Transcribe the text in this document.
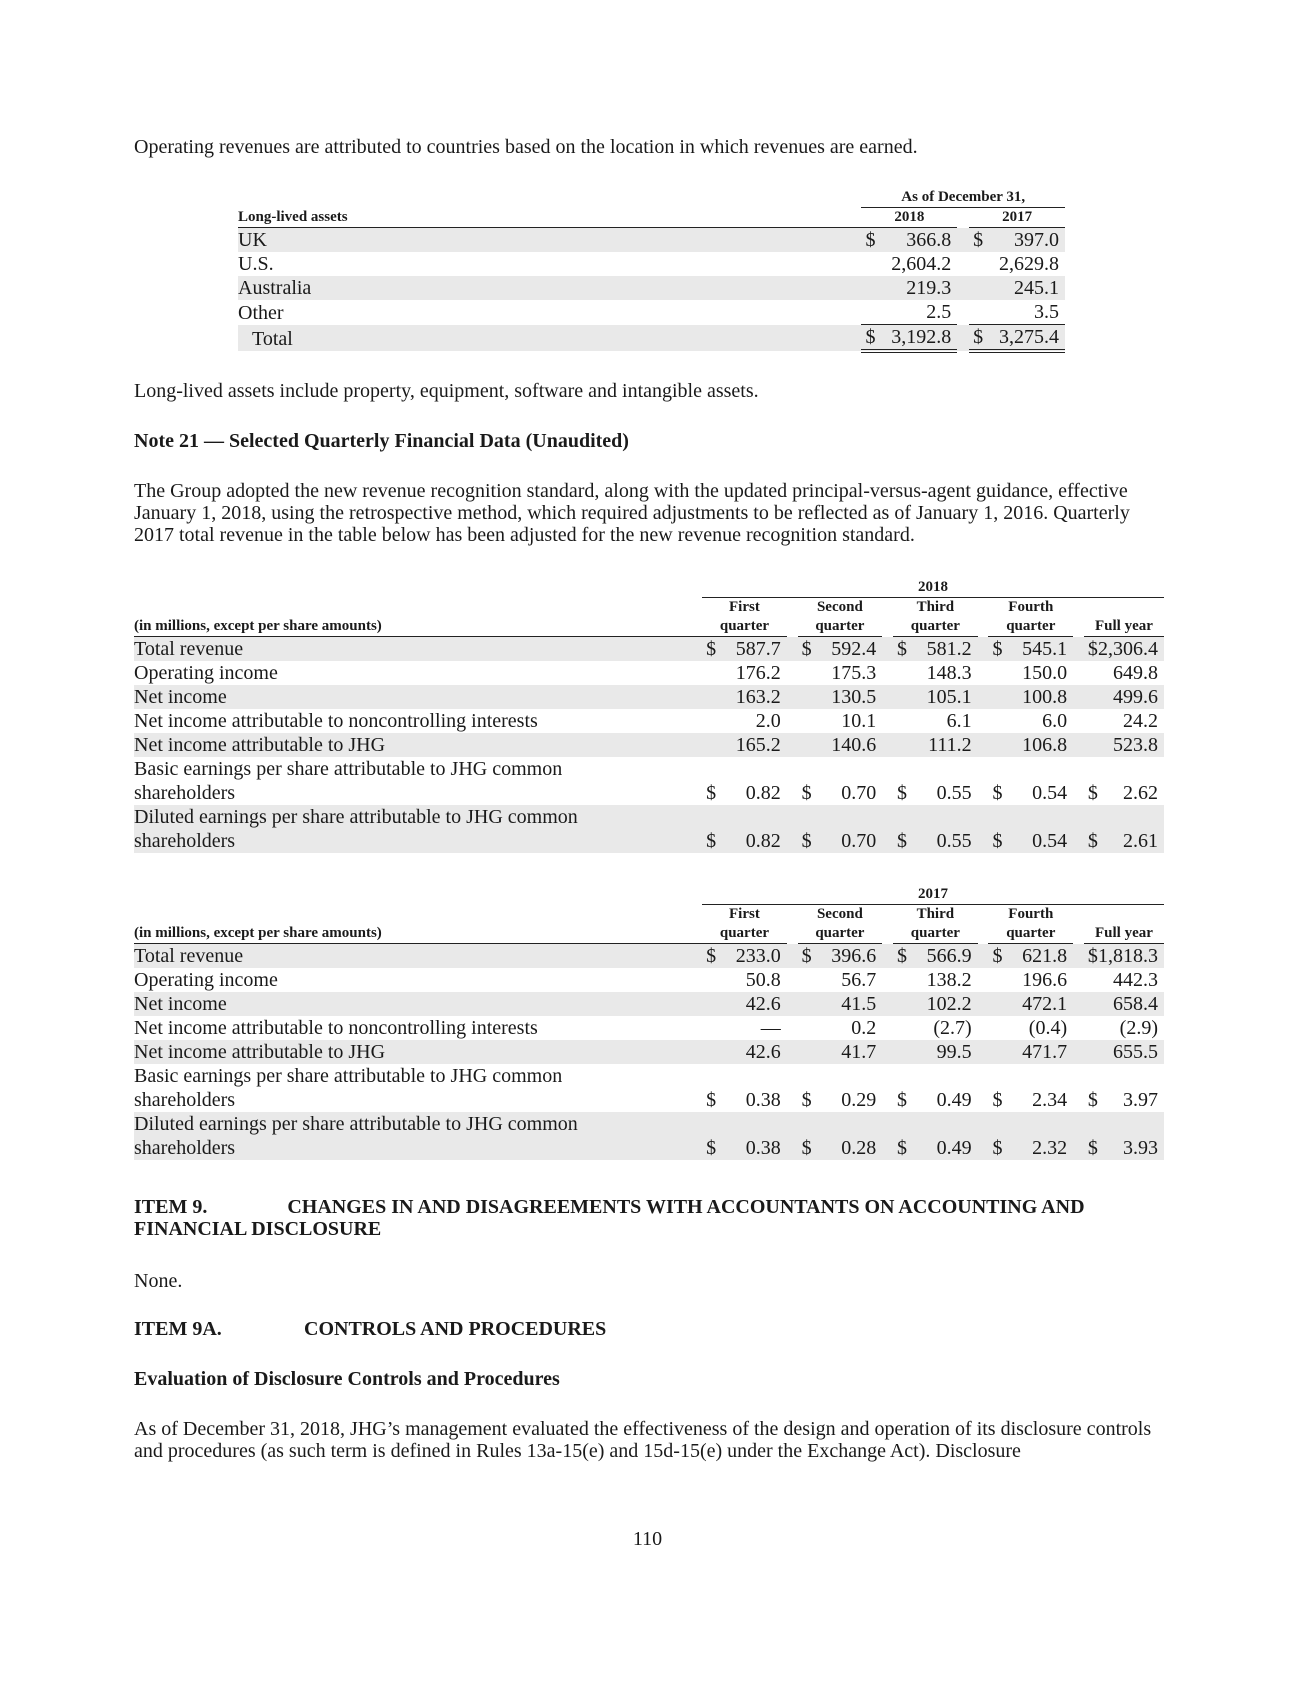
Operating revenues are attributed to countries based on the location in which revenues are earned.

		As of December 31,		
Long-lived assets		2018		2017
UK		$ 366.8		$ 397.0

U.S.		2,604.2		2,629.8

Australia		219.3		245.1

Other		2.5		3.5

Total		$ 3,192.8		$ 3,275.4

Long-lived assets include property, equipment, software and intangible assets.

Note 21 — Selected Quarterly Financial Data (Unaudited)

The Group adopted the new revenue recognition standard, along with the updated principal-versus-agent guidance, effective January 1, 2018, using the retrospective method, which required adjustments to be reflected as of January 1, 2016. Quarterly 2017 total revenue in the table below has been adjusted for the new revenue recognition standard.

		2018								
		First		Second		Third		Fourth		
(in millions, except per share amounts)		quarter		quarter		quarter		quarter		Full year
Total revenue		$ 587.7		$ 592.4		$ 581.2		$ 545.1		$ 2,306.4

Operating income		176.2		175.3		148.3		150.0		649.8

Net income		163.2		130.5		105.1		100.8		499.6

Net income attributable to noncontrolling interests		2.0		10.1		6.1		6.0		24.2

Net income attributable to JHG		165.2		140.6		111.2		106.8		523.8

Basic earnings per share attributable to JHG common
shareholders		$ 0.82		$ 0.70		$ 0.55		$ 0.54		$ 2.62

Diluted earnings per share attributable to JHG common
shareholders		$ 0.82		$ 0.70		$ 0.55		$ 0.54		$ 2.61
		2017								
		First		Second		Third		Fourth		
(in millions, except per share amounts)		quarter		quarter		quarter		quarter		Full year
Total revenue		$ 233.0		$ 396.6		$ 566.9		$ 621.8		$ 1,818.3

Operating income		50.8		56.7		138.2		196.6		442.3

Net income		42.6		41.5		102.2		472.1		658.4

Net income attributable to noncontrolling interests		—		0.2		(2.7)		(0.4)		(2.9)

Net income attributable to JHG		42.6		41.7		99.5		471.7		655.5

Basic earnings per share attributable to JHG common
shareholders		$ 0.38		$ 0.29		$ 0.49		$ 2.34		$ 3.97

Diluted earnings per share attributable to JHG common
shareholders		$ 0.38		$ 0.28		$ 0.49		$ 2.32		$ 3.93
ITEM 9.	CHANGES IN AND DISAGREEMENTS WITH ACCOUNTANTS ON ACCOUNTING AND
FINANCIAL DISCLOSURE

None.

ITEM 9A.	CONTROLS AND PROCEDURES

Evaluation of Disclosure Controls and Procedures

As of December 31, 2018, JHG’s management evaluated the effectiveness of the design and operation of its disclosure controls and procedures (as such term is defined in Rules 13a-15(e) and 15d-15(e) under the Exchange Act). Disclosure

110
